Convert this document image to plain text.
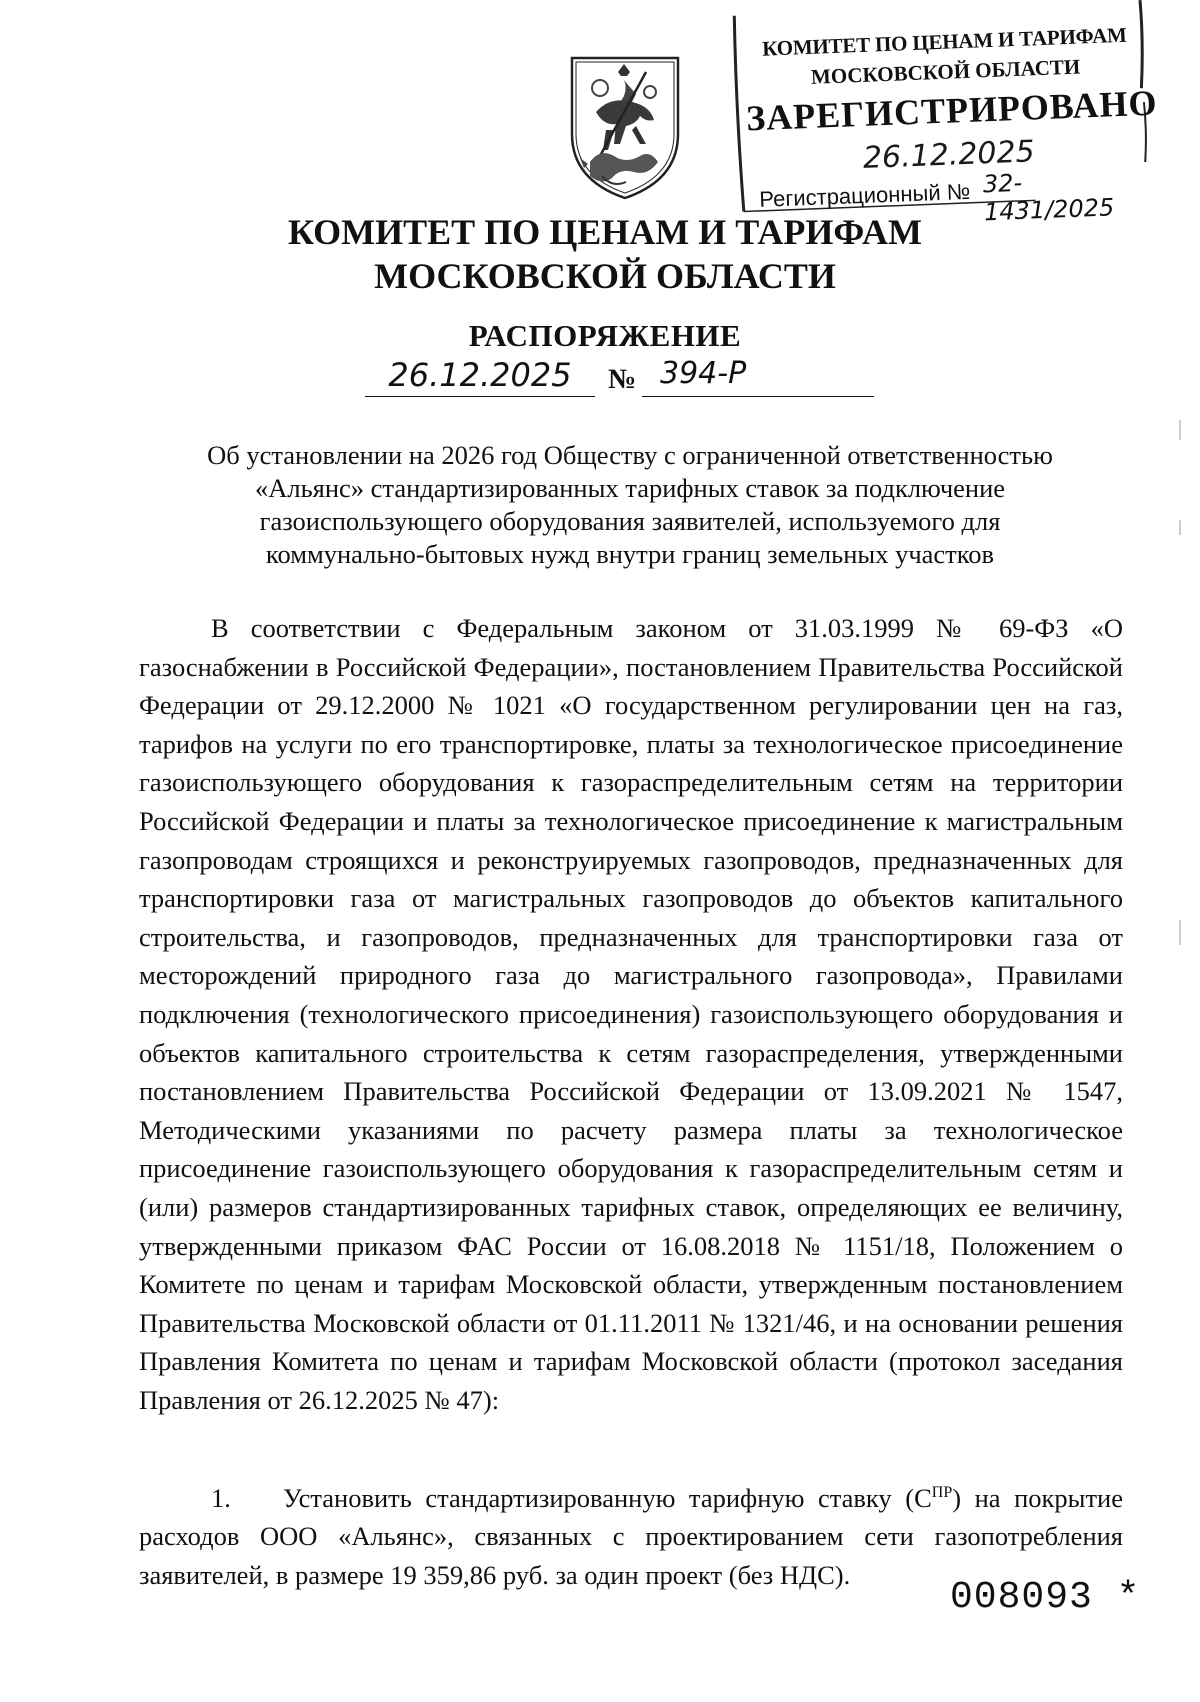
КОМИТЕТ ПО ЦЕНАМ И ТАРИФАМ
МОСКОВСКОЙ ОБЛАСТИ
ЗАРЕГИСТРИРОВАНО
26.12.2025
Регистрационный № 32-1431/2025
КОМИТЕТ ПО ЦЕНАМ И ТАРИФАМ
МОСКОВСКОЙ ОБЛАСТИ
РАСПОРЯЖЕНИЕ
26.12.2025	№ 394-Р
Об установлении на 2026 год Обществу с ограниченной ответственностью
«Альянс» стандартизированных тарифных ставок за подключение
газоиспользующего оборудования заявителей, используемого для
коммунально-бытовых нужд внутри границ земельных участков

В соответствии с Федеральным законом от 31.03.1999 № 69-ФЗ «О газоснабжении в Российской Федерации», постановлением Правительства Российской Федерации от 29.12.2000 № 1021 «О государственном регулировании цен на газ, тарифов на услуги по его транспортировке, платы за технологическое присоединение газоиспользующего оборудования к газораспределительным сетям на территории Российской Федерации и платы за технологическое присоединение к магистральным газопроводам строящихся и реконструируемых газопроводов, предназначенных для транспортировки газа от магистральных газопроводов до объектов капитального строительства, и газопроводов, предназначенных для транспортировки газа от месторождений природного газа до магистрального газопровода», Правилами подключения (технологического присоединения) газоиспользующего оборудования и объектов капитального строительства к сетям газораспределения, утвержденными постановлением Правительства Российской Федерации от 13.09.2021 № 1547, Методическими указаниями по расчету размера платы за технологическое присоединение газоиспользующего оборудования к газораспределительным сетям и (или) размеров стандартизированных тарифных ставок, определяющих ее величину, утвержденными приказом ФАС России от 16.08.2018 № 1151/18, Положением о Комитете по ценам и тарифам Московской области, утвержденным постановлением Правительства Московской области от 01.11.2011 № 1321/46, и на основании решения Правления Комитета по ценам и тарифам Московской области (протокол заседания Правления от 26.12.2025 № 47):

1. Установить стандартизированную тарифную ставку $(С^{ПР})$ на покрытие расходов ООО «Альянс», связанных с проектированием сети газопотребления заявителей, в размере 19 359,86 руб. за один проект (без НДС).

008093 *
